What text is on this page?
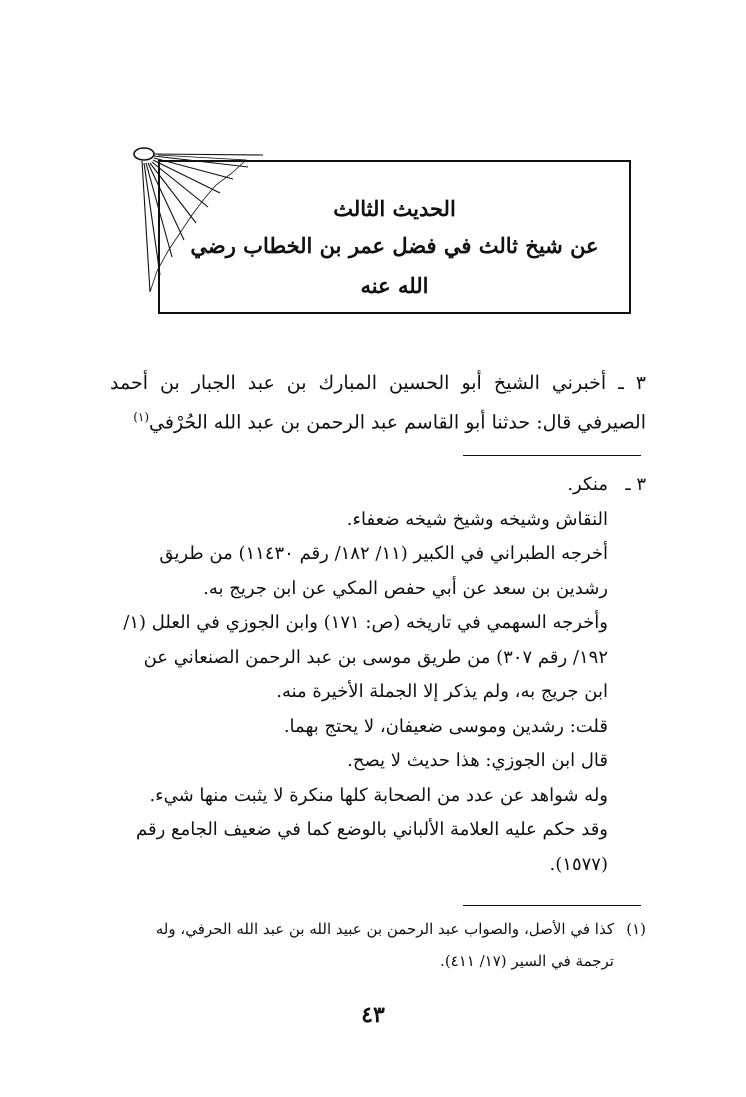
الحديث الثالث
عن شيخ ثالث في فضل عمر بن الخطاب رضي الله عنه
٣ ـ أخبرني الشيخ أبو الحسين المبارك بن عبد الجبار بن أحمد الصيرفي قال: حدثنا أبو القاسم عبد الرحمن بن عبد الله الحُرْفي$^{(١)}$
٣ ـ

منكر.

النقاش وشيخه وشيخ شيخه ضعفاء.

أخرجه الطبراني في الكبير (١١/ ١٨٢/ رقم ١١٤٣٠) من طريق رشدين بن سعد عن أبي حفص المكي عن ابن جريج به.

وأخرجه السهمي في تاريخه (ص: ١٧١) وابن الجوزي في العلل (١/ ١٩٢/ رقم ٣٠٧) من طريق موسى بن عبد الرحمن الصنعاني عن ابن جريج به، ولم يذكر إلا الجملة الأخيرة منه.

قلت: رشدين وموسى ضعيفان، لا يحتج بهما.

قال ابن الجوزي: هذا حديث لا يصح.

وله شواهد عن عدد من الصحابة كلها منكرة لا يثبت منها شيء.

وقد حكم عليه العلامة الألباني بالوضع كما في ضعيف الجامع رقم (١٥٧٧).

(١)
كذا في الأصل، والصواب عبد الرحمن بن عبيد الله بن عبد الله الحرفي، وله ترجمة في السير (١٧/ ٤١١).
٤٣
